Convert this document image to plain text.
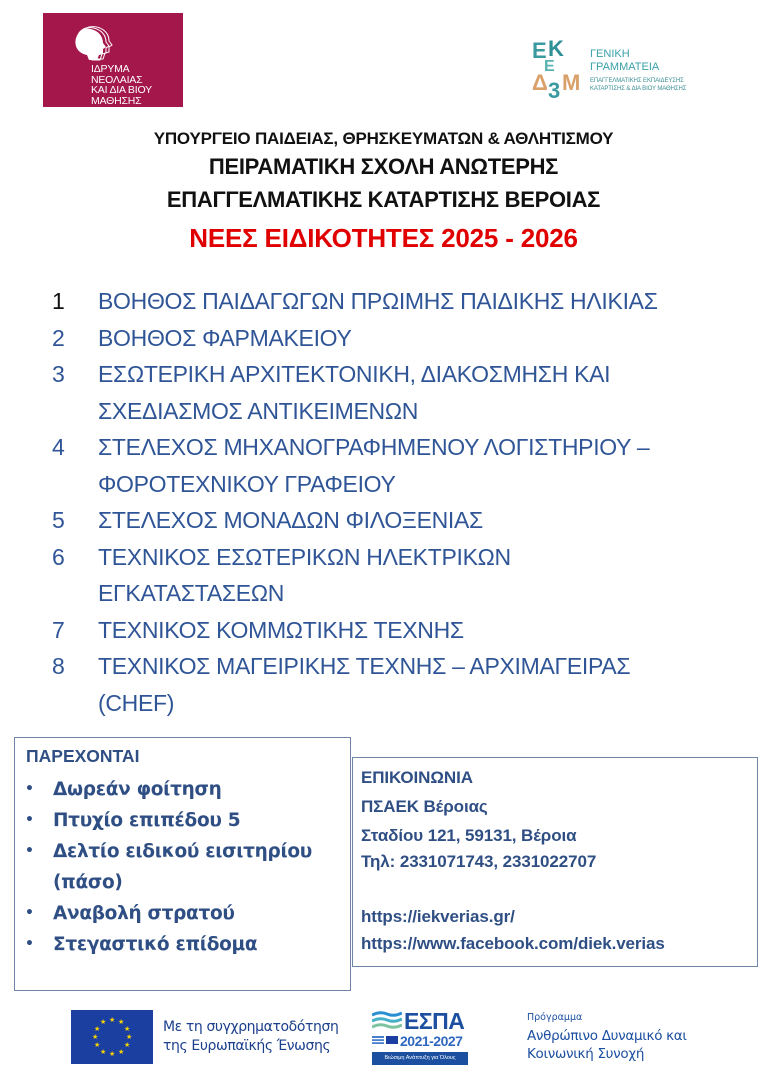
ΙΔΡΥΜΑ
ΝΕΟΛΑΙΑΣ
ΚΑΙ ΔΙΑ ΒΙΟΥ
ΜΑΘΗΣΗΣ
Ε Κ
Ε
Δ 3 Μ
ΓΕΝΙΚΗ
ΓΡΑΜΜΑΤΕΙΑ
ΕΠΑΓΓΕΛΜΑΤΙΚΗΣ ΕΚΠΑΙΔΕΥΣΗΣ
ΚΑΤΑΡΤΙΣΗΣ & ΔΙΑ ΒΙΟΥ ΜΑΘΗΣΗΣ
ΥΠΟΥΡΓΕΙΟ ΠΑΙΔΕΙΑΣ, ΘΡΗΣΚΕΥΜΑΤΩΝ & ΑΘΛΗΤΙΣΜΟΥ
ΠΕΙΡΑΜΑΤΙΚΗ ΣΧΟΛΗ ΑΝΩΤΕΡΗΣ
ΕΠΑΓΓΕΛΜΑΤΙΚΗΣ ΚΑΤΑΡΤΙΣΗΣ ΒΕΡΟΙΑΣ
ΝΕΕΣ ΕΙΔΙΚΟΤΗΤΕΣ 2025 - 2026
1	ΒΟΗΘΟΣ ΠΑΙΔΑΓΩΓΩΝ ΠΡΩΙΜΗΣ ΠΑΙΔΙΚΗΣ ΗΛΙΚΙΑΣ
2	ΒΟΗΘΟΣ ΦΑΡΜΑΚΕΙΟΥ
3	ΕΣΩΤΕΡΙΚΗ ΑΡΧΙΤΕΚΤΟΝΙΚΗ, ΔΙΑΚΟΣΜΗΣΗ ΚΑΙ
ΣΧΕΔΙΑΣΜΟΣ ΑΝΤΙΚΕΙΜΕΝΩΝ
4	ΣΤΕΛΕΧΟΣ ΜΗΧΑΝΟΓΡΑΦΗΜΕΝΟΥ ΛΟΓΙΣΤΗΡΙΟΥ –
ΦΟΡΟΤΕΧΝΙΚΟΥ ΓΡΑΦΕΙΟΥ
5	ΣΤΕΛΕΧΟΣ ΜΟΝΑΔΩΝ ΦΙΛΟΞΕΝΙΑΣ
6	ΤΕΧΝΙΚΟΣ ΕΣΩΤΕΡΙΚΩΝ ΗΛΕΚΤΡΙΚΩΝ
ΕΓΚΑΤΑΣΤΑΣΕΩΝ
7	ΤΕΧΝΙΚΟΣ ΚΟΜΜΩΤΙΚΗΣ ΤΕΧΝΗΣ
8	ΤΕΧΝΙΚΟΣ ΜΑΓΕΙΡΙΚΗΣ ΤΕΧΝΗΣ – ΑΡΧΙΜΑΓΕΙΡΑΣ
(CHEF)
ΠΑΡΕΧΟΝΤΑΙ
•	Δωρεάν φοίτηση
•	Πτυχίο επιπέδου 5
•	Δελτίο ειδικού εισιτηρίου
(πάσο)
•	Αναβολή στρατού
•	Στεγαστικό επίδομα
ΕΠΙΚΟΙΝΩΝΙΑ
ΠΣΑΕΚ Βέροιας
Σταδίου 121, 59131, Βέροια
Τηλ: 2331071743, 2331022707
https://iekverias.gr/
https://www.facebook.com/diek.verias
★ ★
★
★
★
★
★
★
★
★
★
★	Με τη συγχρηματοδότηση
της Ευρωπαϊκής Ένωσης
ΕΣΠΑ
2021-2027
Βιώσιμη Ανάπτυξη για Όλους
Πρόγραμμα
Ανθρώπινο Δυναμικό και
Κοινωνική Συνοχή
